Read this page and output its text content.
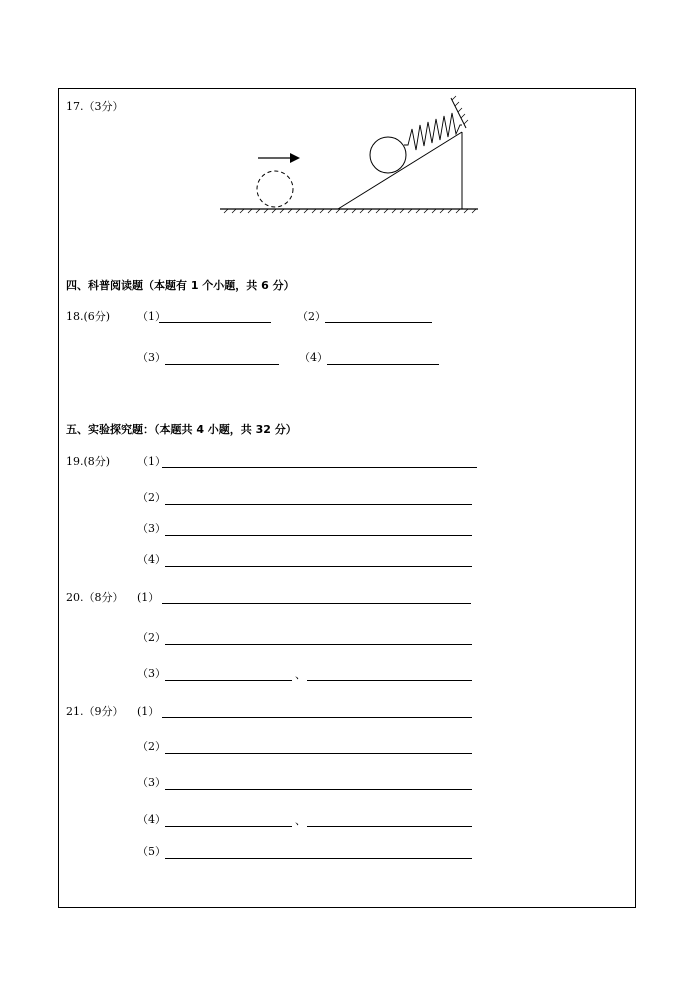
17.（3分）
四、科普阅读题（本题有 1 个小题，共 6 分）
18.(6分) （1）	（2）
（3）	（4）
五、实验探究题：（本题共 4 小题，共 32 分）
19.(8分) （1）
（2）
（3）
（4）
20.（8分） (1）
（2）
（3）	、
21.（9分） (1）
（2）
（3）
（4）	、
（5）
